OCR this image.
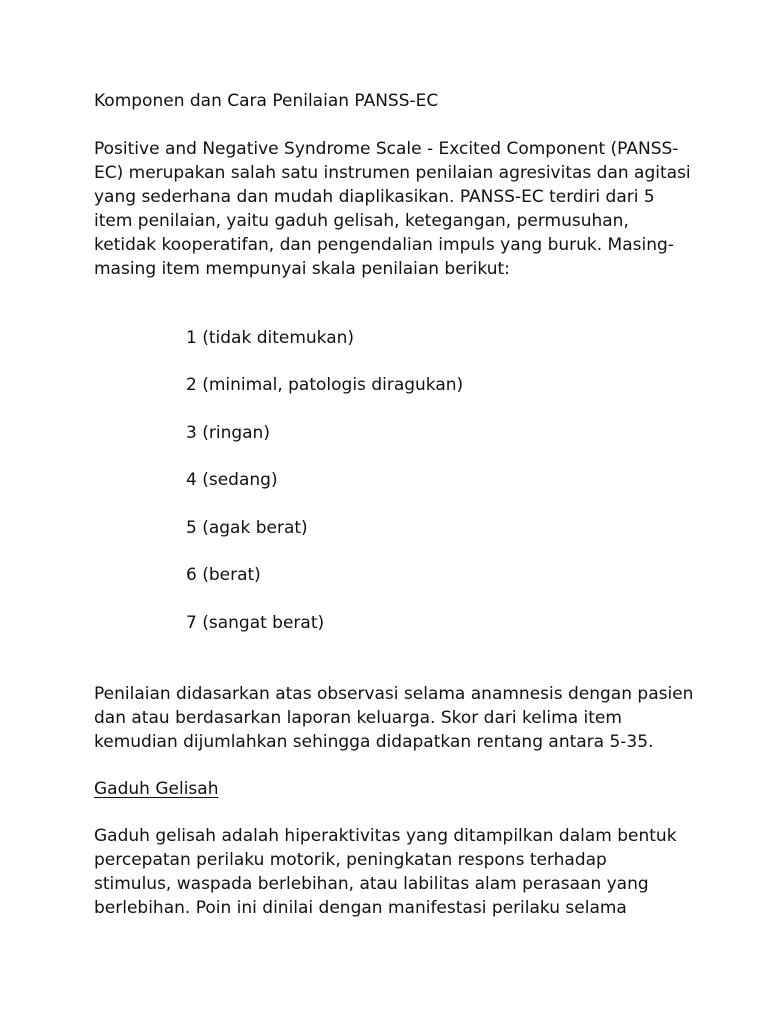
Komponen dan Cara Penilaian PANSS-EC

Positive and Negative Syndrome Scale - Excited Component (PANSS-

EC) merupakan salah satu instrumen penilaian agresivitas dan agitasi

yang sederhana dan mudah diaplikasikan. PANSS-EC terdiri dari 5

item penilaian, yaitu gaduh gelisah, ketegangan, permusuhan,

ketidak kooperatifan, dan pengendalian impuls yang buruk. Masing-

masing item mempunyai skala penilaian berikut:

1 (tidak ditemukan)

2 (minimal, patologis diragukan)

3 (ringan)

4 (sedang)

5 (agak berat)

6 (berat)

7 (sangat berat)

Penilaian didasarkan atas observasi selama anamnesis dengan pasien

dan atau berdasarkan laporan keluarga. Skor dari kelima item

kemudian dijumlahkan sehingga didapatkan rentang antara 5-35.

Gaduh Gelisah

Gaduh gelisah adalah hiperaktivitas yang ditampilkan dalam bentuk

percepatan perilaku motorik, peningkatan respons terhadap

stimulus, waspada berlebihan, atau labilitas alam perasaan yang

berlebihan. Poin ini dinilai dengan manifestasi perilaku selama
